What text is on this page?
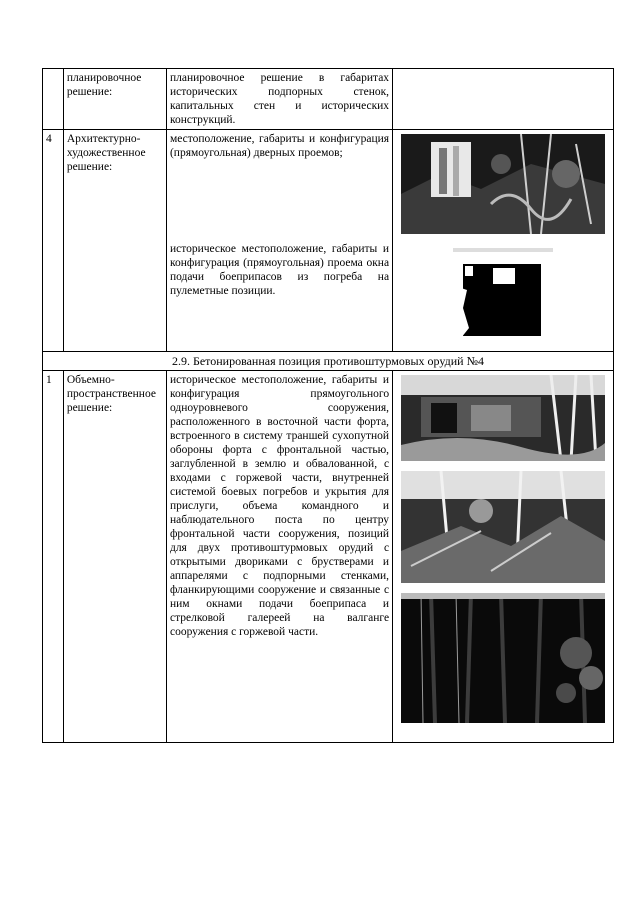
	планировочное решение:	планировочное решение в габаритах исторических подпорных стенок, капитальных стен и исторических конструкций.	
4	Архитектурно-художественное решение:	местоположение, габариты и конфигурация (прямоугольная) дверных проемов;
историческое местоположение, габариты и конфигурация (прямоугольная) проема окна подачи боеприпасов из погреба на пулеметные позиции.

2.9. Бетонированная позиция противоштурмовых орудий №4			
1	Объемно-пространственное решение:	историческое местоположение, габариты и конфигурация прямоугольного одноуровневого сооружения, расположенного в восточной части форта, встроенного в систему траншей сухопутной обороны форта с фронтальной частью, заглубленной в землю и обвалованной, с входами с горжевой части, внутренней системой боевых погребов и укрытия для прислуги, объема командного и наблюдательного поста по центру фронтальной части сооружения, позиций для двух противоштурмовых орудий с открытыми двориками с брустверами и аппарелями с подпорными стенками, фланкирующими сооружение и связанные с ним окнами подачи боеприпаса и стрелковой галерeей на валганге сооружения с горжевой части.	
